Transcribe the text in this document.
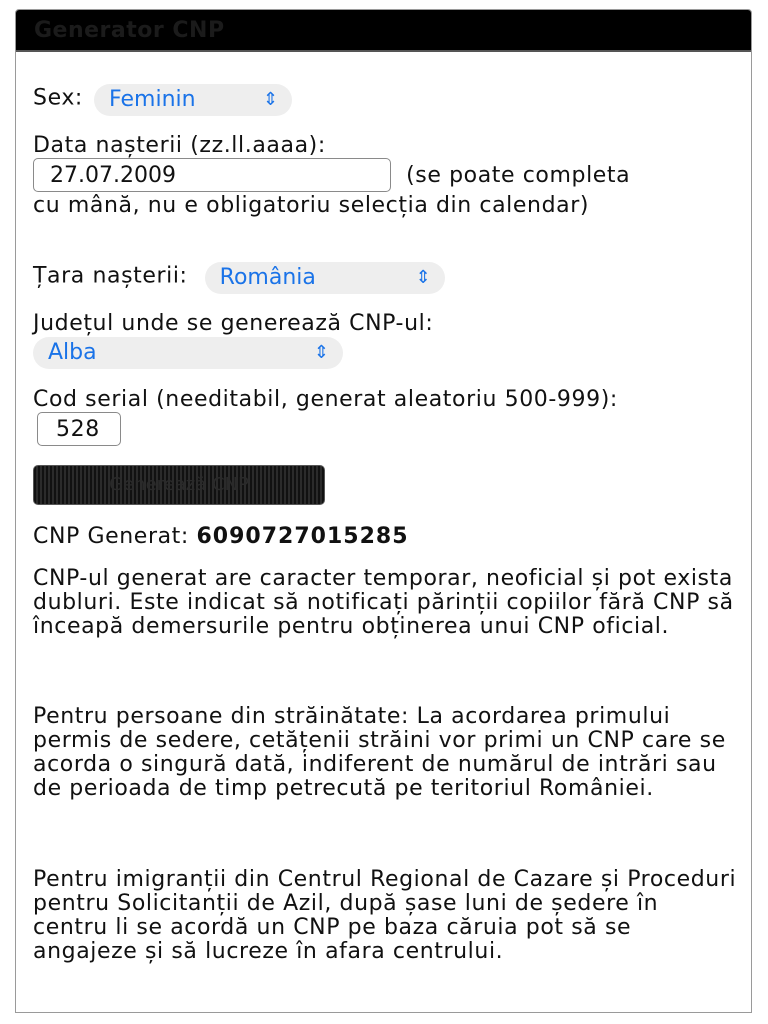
Generator CNP
Sex: Feminin	⇕
Data nașterii (zz.ll.aaaa):
27.07.2009	(se poate completa
cu mână, nu e obligatoriu selecția din calendar)
Țara nașterii: România	⇕
Județul unde se generează CNP-ul:
Alba	⇕
Cod serial (needitabil, generat aleatoriu 500-999): 528
Generează CNP
CNP Generat: 6090727015285
CNP-ul generat are caracter temporar, neoficial și pot exista dubluri. Este indicat să notificați părinții copiilor fără CNP să înceapă demersurile pentru obținerea unui CNP oficial.
Pentru persoane din străinătate: La acordarea primului permis de sedere, cetățenii străini vor primi un CNP care se acorda o singură dată, indiferent de numărul de intrări sau de perioada de timp petrecută pe teritoriul României.
Pentru imigranții din Centrul Regional de Cazare și Proceduri pentru Solicitanții de Azil, după șase luni de ședere în centru li se acordă un CNP pe baza căruia pot să se angajeze și să lucreze în afara centrului.
